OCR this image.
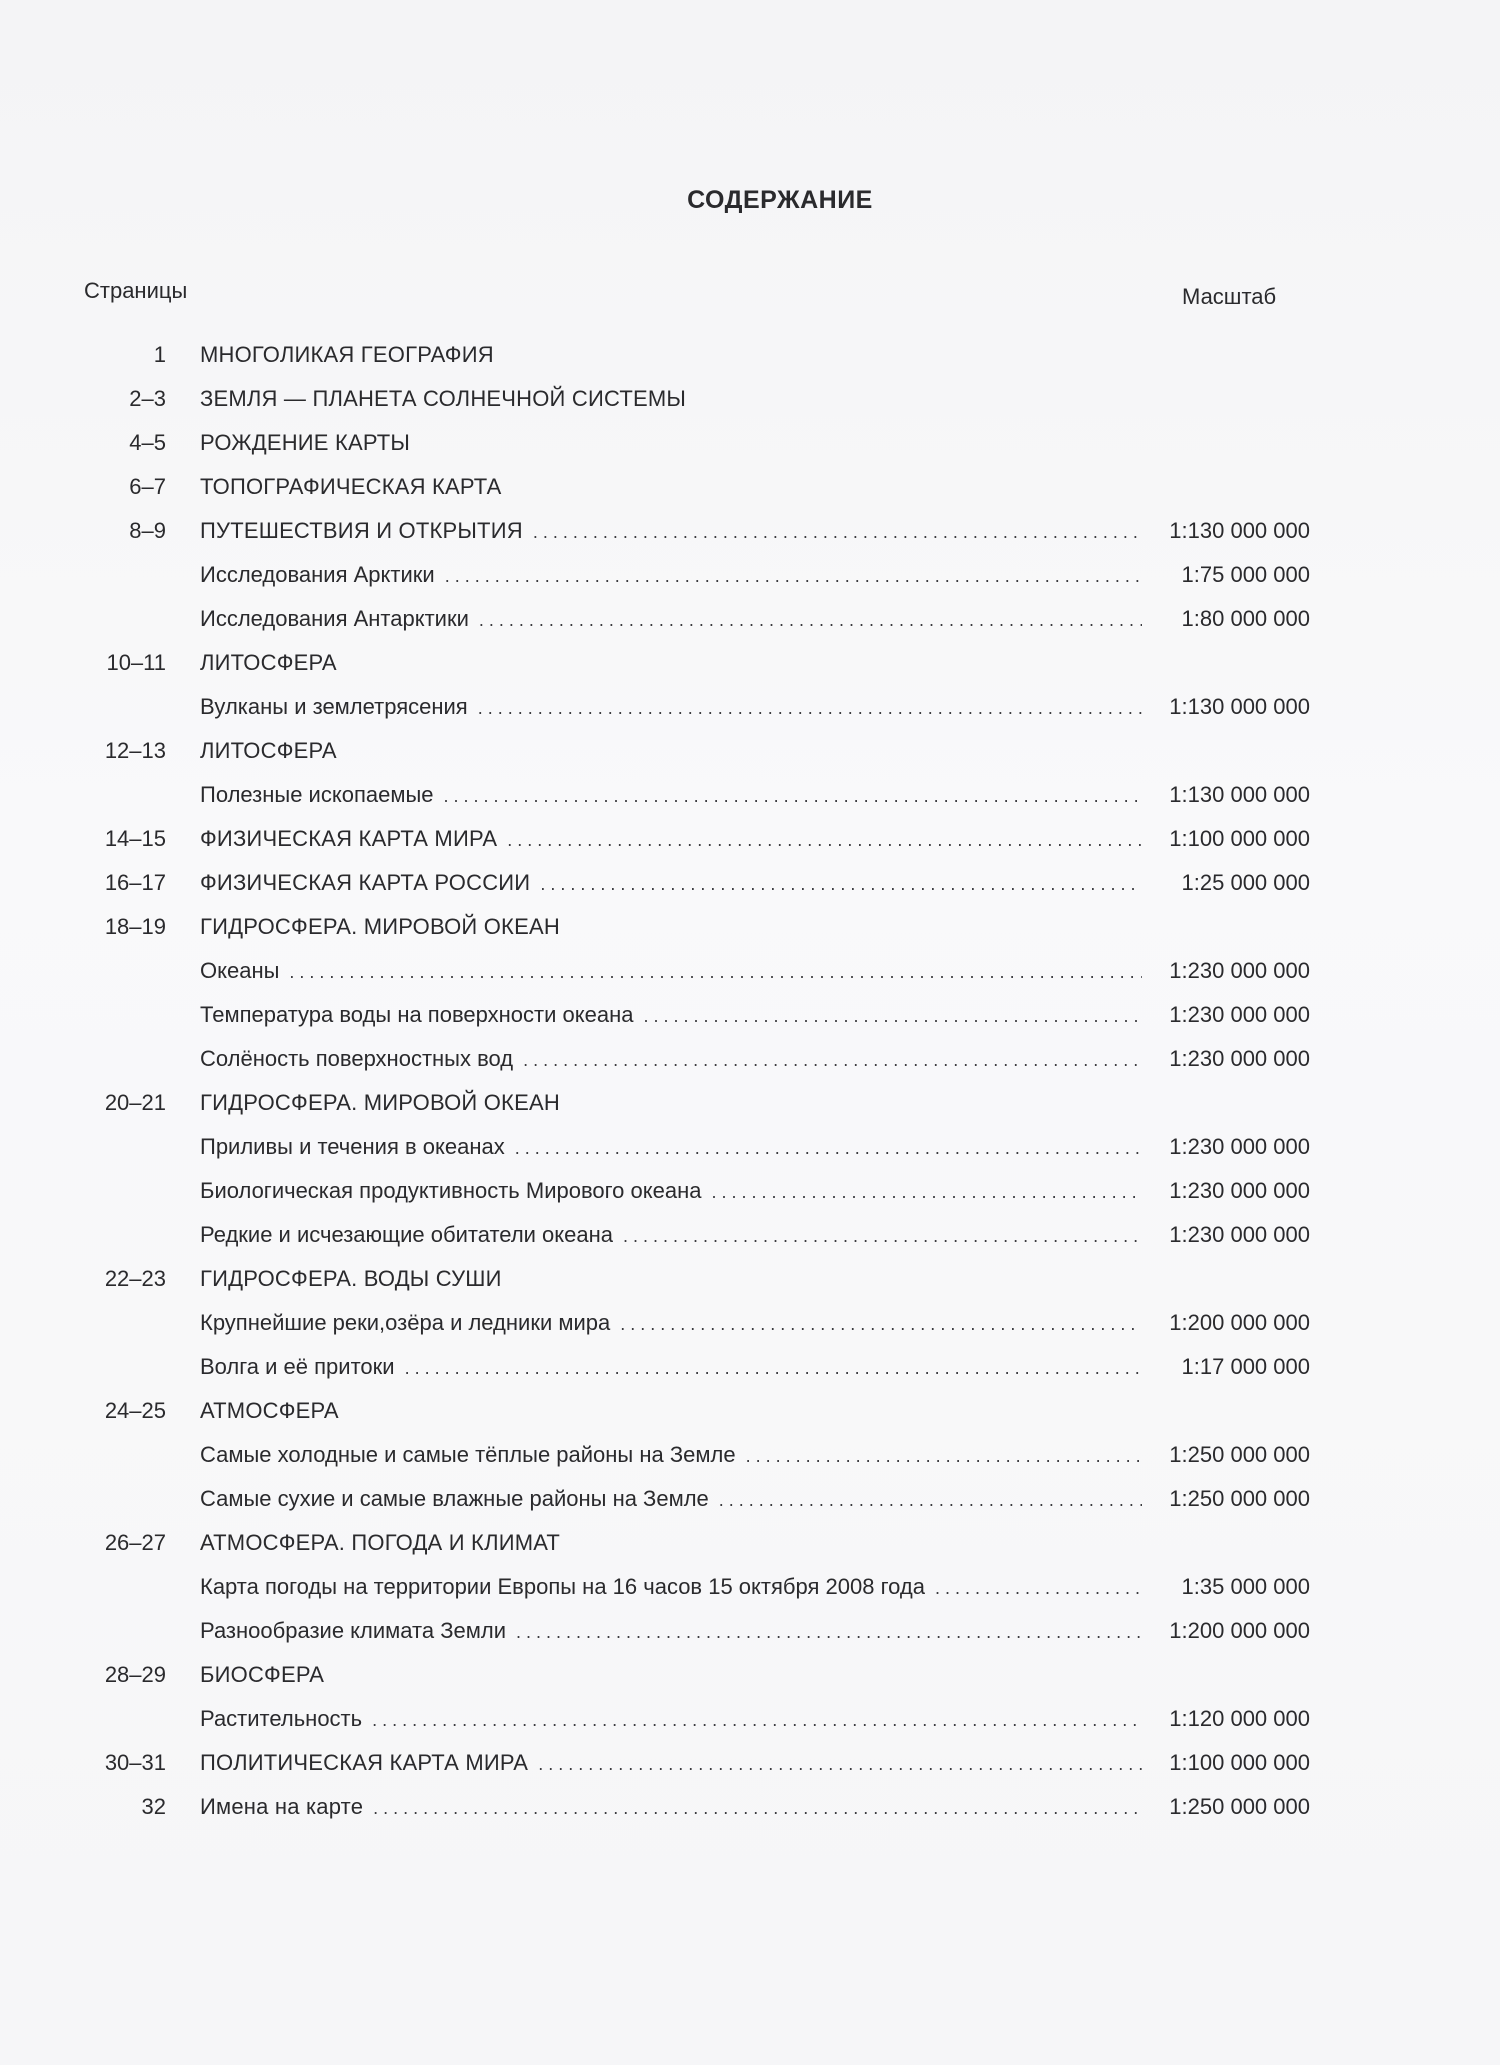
СОДЕРЖАНИЕ
Страницы	Масштаб
1 МНОГОЛИКАЯ ГЕОГРАФИЯ
2–3 ЗЕМЛЯ — ПЛАНЕТА СОЛНЕЧНОЙ СИСТЕМЫ
4–5 РОЖДЕНИЕ КАРТЫ
6–7 ТОПОГРАФИЧЕСКАЯ КАРТА
8–9 ПУТЕШЕСТВИЯ И ОТКРЫТИЯ . . .	1:130 000 000
Исследования Арктики . . .	1:75 000 000
Исследования Антарктики . . .	1:80 000 000
10–11 ЛИТОСФЕРА
Вулканы и землетрясения . . .	1:130 000 000
12–13 ЛИТОСФЕРА
Полезные ископаемые . . .	1:130 000 000
14–15 ФИЗИЧЕСКАЯ КАРТА МИРА . . .	1:100 000 000
16–17 ФИЗИЧЕСКАЯ КАРТА РОССИИ . . .	1:25 000 000
18–19 ГИДРОСФЕРА. МИРОВОЙ ОКЕАН
Океаны . . .	1:230 000 000
Температура воды на поверхности океана . . .	1:230 000 000
Солёность поверхностных вод . . .	1:230 000 000
20–21 ГИДРОСФЕРА. МИРОВОЙ ОКЕАН
Приливы и течения в океанах . . .	1:230 000 000
Биологическая продуктивность Мирового океана . . .	1:230 000 000
Редкие и исчезающие обитатели океана . . .	1:230 000 000
22–23 ГИДРОСФЕРА. ВОДЫ СУШИ
Крупнейшие реки,озёра и ледники мира . . .	1:200 000 000
Волга и её притоки . . .	1:17 000 000
24–25 АТМОСФЕРА
Самые холодные и самые тёплые районы на Земле . . .	1:250 000 000
Самые сухие и самые влажные районы на Земле . . .	1:250 000 000
26–27 АТМОСФЕРА. ПОГОДА И КЛИМАТ
Карта погоды на территории Европы на 16 часов 15 октября 2008 года . . .	1:35 000 000
Разнообразие климата Земли . . .	1:200 000 000
28–29 БИОСФЕРА
Растительность . . .	1:120 000 000
30–31 ПОЛИТИЧЕСКАЯ КАРТА МИРА . . .	1:100 000 000
32 Имена на карте . . .	1:250 000 000
